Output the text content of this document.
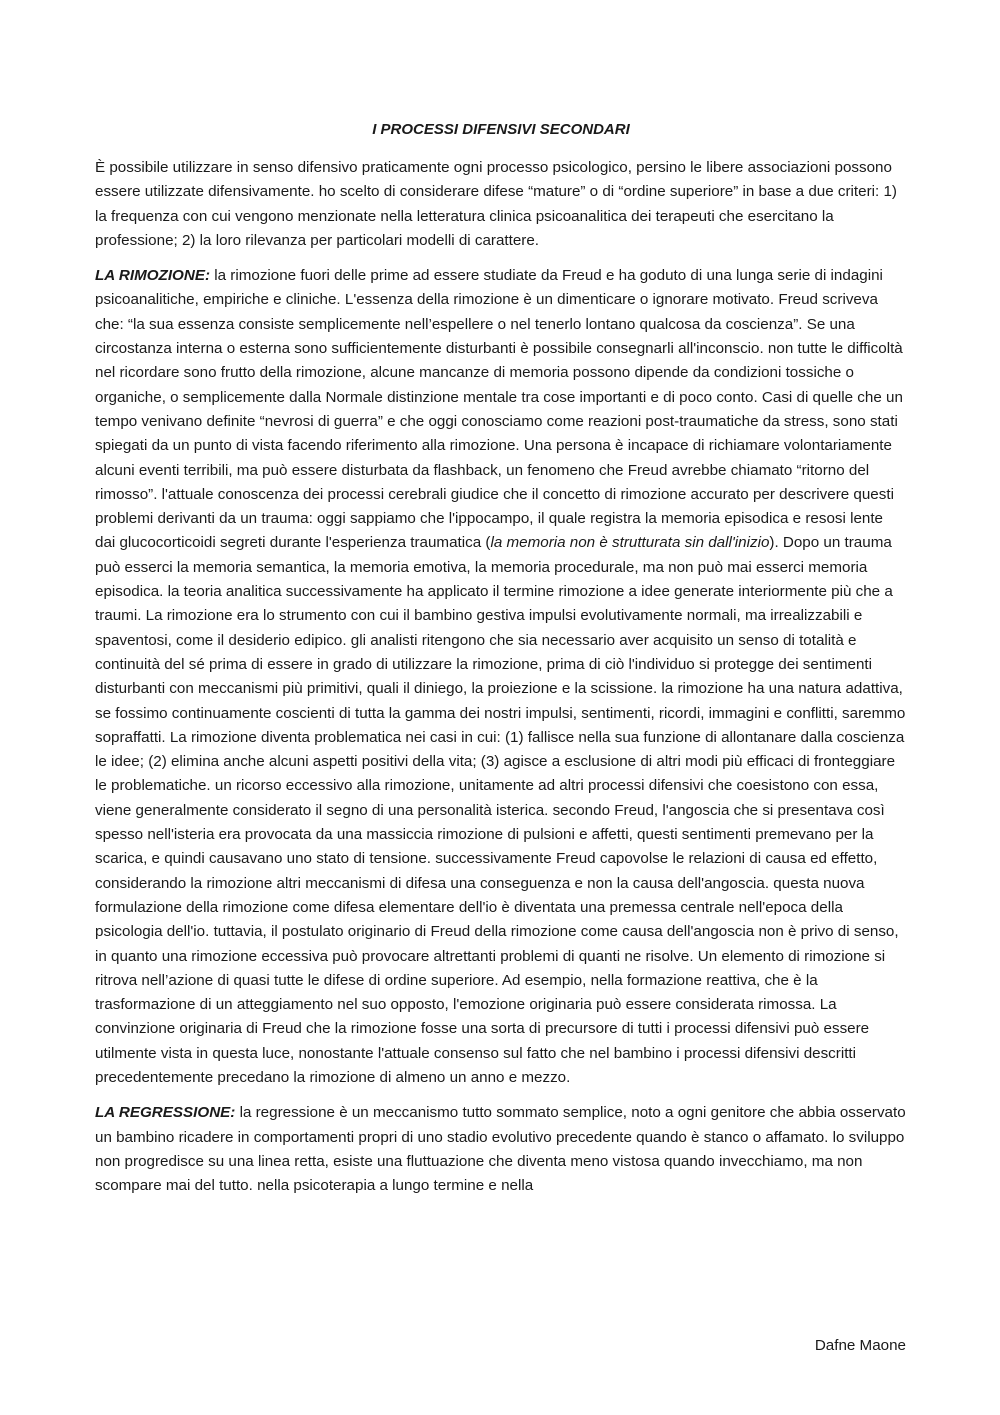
I PROCESSI DIFENSIVI SECONDARI

È possibile utilizzare in senso difensivo praticamente ogni processo psicologico, persino le libere associazioni possono essere utilizzate difensivamente. ho scelto di considerare difese “mature” o di “ordine superiore” in base a due criteri: 1) la frequenza con cui vengono menzionate nella letteratura clinica psicoanalitica dei terapeuti che esercitano la professione; 2) la loro rilevanza per particolari modelli di carattere.

LA RIMOZIONE: la rimozione fuori delle prime ad essere studiate da Freud e ha goduto di una lunga serie di indagini psicoanalitiche, empiriche e cliniche. L'essenza della rimozione è un dimenticare o ignorare motivato. Freud scriveva che: “la sua essenza consiste semplicemente nell’espellere o nel tenerlo lontano qualcosa da coscienza”. Se una circostanza interna o esterna sono sufficientemente disturbanti è possibile consegnarli all'inconscio. non tutte le difficoltà nel ricordare sono frutto della rimozione, alcune mancanze di memoria possono dipende da condizioni tossiche o organiche, o semplicemente dalla Normale distinzione mentale tra cose importanti e di poco conto. Casi di quelle che un tempo venivano definite “nevrosi di guerra” e che oggi conosciamo come reazioni post-traumatiche da stress, sono stati spiegati da un punto di vista facendo riferimento alla rimozione. Una persona è incapace di richiamare volontariamente alcuni eventi terribili, ma può essere disturbata da flashback, un fenomeno che Freud avrebbe chiamato “ritorno del rimosso”. l'attuale conoscenza dei processi cerebrali giudice che il concetto di rimozione accurato per descrivere questi problemi derivanti da un trauma: oggi sappiamo che l'ippocampo, il quale registra la memoria episodica e resosi lente dai glucocorticoidi segreti durante l'esperienza traumatica (la memoria non è strutturata sin dall'inizio). Dopo un trauma può esserci la memoria semantica, la memoria emotiva, la memoria procedurale, ma non può mai esserci memoria episodica. la teoria analitica successivamente ha applicato il termine rimozione a idee generate interiormente più che a traumi. La rimozione era lo strumento con cui il bambino gestiva impulsi evolutivamente normali, ma irrealizzabili e spaventosi, come il desiderio edipico. gli analisti ritengono che sia necessario aver acquisito un senso di totalità e continuità del sé prima di essere in grado di utilizzare la rimozione, prima di ciò l'individuo si protegge dei sentimenti disturbanti con meccanismi più primitivi, quali il diniego, la proiezione e la scissione. la rimozione ha una natura adattiva, se fossimo continuamente coscienti di tutta la gamma dei nostri impulsi, sentimenti, ricordi, immagini e conflitti, saremmo sopraffatti. La rimozione diventa problematica nei casi in cui: (1) fallisce nella sua funzione di allontanare dalla coscienza le idee; (2) elimina anche alcuni aspetti positivi della vita; (3) agisce a esclusione di altri modi più efficaci di fronteggiare le problematiche. un ricorso eccessivo alla rimozione, unitamente ad altri processi difensivi che coesistono con essa, viene generalmente considerato il segno di una personalità isterica. secondo Freud, l'angoscia che si presentava così spesso nell'isteria era provocata da una massiccia rimozione di pulsioni e affetti, questi sentimenti premevano per la scarica, e quindi causavano uno stato di tensione. successivamente Freud capovolse le relazioni di causa ed effetto, considerando la rimozione altri meccanismi di difesa una conseguenza e non la causa dell'angoscia. questa nuova formulazione della rimozione come difesa elementare dell'io è diventata una premessa centrale nell'epoca della psicologia dell'io. tuttavia, il postulato originario di Freud della rimozione come causa dell'angoscia non è privo di senso, in quanto una rimozione eccessiva può provocare altrettanti problemi di quanti ne risolve. Un elemento di rimozione si ritrova nell’azione di quasi tutte le difese di ordine superiore. Ad esempio, nella formazione reattiva, che è la trasformazione di un atteggiamento nel suo opposto, l'emozione originaria può essere considerata rimossa. La convinzione originaria di Freud che la rimozione fosse una sorta di precursore di tutti i processi difensivi può essere utilmente vista in questa luce, nonostante l'attuale consenso sul fatto che nel bambino i processi difensivi descritti precedentemente precedano la rimozione di almeno un anno e mezzo.

LA REGRESSIONE: la regressione è un meccanismo tutto sommato semplice, noto a ogni genitore che abbia osservato un bambino ricadere in comportamenti propri di uno stadio evolutivo precedente quando è stanco o affamato. lo sviluppo non progredisce su una linea retta, esiste una fluttuazione che diventa meno vistosa quando invecchiamo, ma non scompare mai del tutto. nella psicoterapia a lungo termine e nella

Dafne Maone
